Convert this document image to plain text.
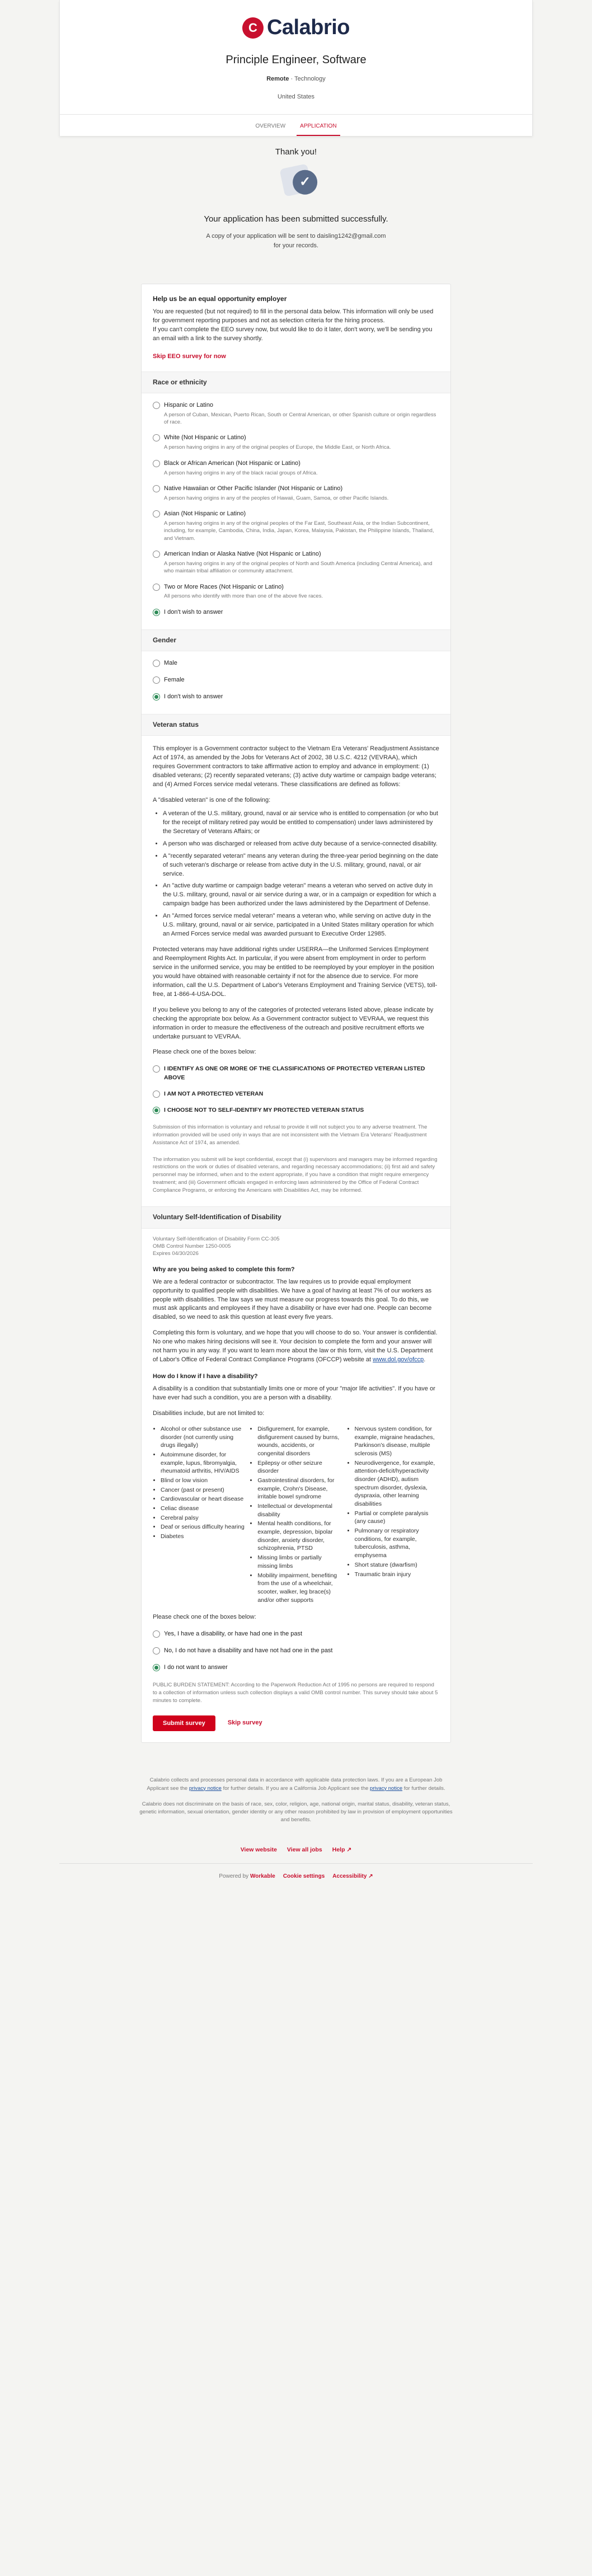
C Calabrio
Principle Engineer, Software
Remote · Technology
United States
OVERVIEW	APPLICATION
Thank you!
✓
Your application has been submitted successfully.
A copy of your application will be sent to daisling1242@gmail.com
for your records.
Help us be an equal opportunity employer
You are requested (but not required) to fill in the personal data below. This information will only be used for government reporting purposes and not as selection criteria for the hiring process.
If you can't complete the EEO survey now, but would like to do it later, don't worry, we'll be sending you an email with a link to the survey shortly.
Skip EEO survey for now
Race or ethnicity
Hispanic or Latino
A person of Cuban, Mexican, Puerto Rican, South or Central American, or other Spanish culture or origin regardless of race.
White (Not Hispanic or Latino)
A person having origins in any of the original peoples of Europe, the Middle East, or North Africa.
Black or African American (Not Hispanic or Latino)
A person having origins in any of the black racial groups of Africa.
Native Hawaiian or Other Pacific Islander (Not Hispanic or Latino)
A person having origins in any of the peoples of Hawaii, Guam, Samoa, or other Pacific Islands.
Asian (Not Hispanic or Latino)
A person having origins in any of the original peoples of the Far East, Southeast Asia, or the Indian Subcontinent, including, for example, Cambodia, China, India, Japan, Korea, Malaysia, Pakistan, the Philippine Islands, Thailand, and Vietnam.
American Indian or Alaska Native (Not Hispanic or Latino)
A person having origins in any of the original peoples of North and South America (including Central America), and who maintain tribal affiliation or community attachment.
Two or More Races (Not Hispanic or Latino)
All persons who identify with more than one of the above five races.
I don't wish to answer
Gender
Male
Female
I don't wish to answer
Veteran status
This employer is a Government contractor subject to the Vietnam Era Veterans' Readjustment Assistance Act of 1974, as amended by the Jobs for Veterans Act of 2002, 38 U.S.C. 4212 (VEVRAA), which requires Government contractors to take affirmative action to employ and advance in employment: (1) disabled veterans; (2) recently separated veterans; (3) active duty wartime or campaign badge veterans; and (4) Armed Forces service medal veterans. These classifications are defined as follows:
A "disabled veteran" is one of the following:
• A veteran of the U.S. military, ground, naval or air service who is entitled to compensation (or who but for the receipt of military retired pay would be entitled to compensation) under laws administered by the Secretary of Veterans Affairs; or
• A person who was discharged or released from active duty because of a service-connected disability.
• A "recently separated veteran" means any veteran during the three-year period beginning on the date of such veteran's discharge or release from active duty in the U.S. military, ground, naval, or air service.
• An "active duty wartime or campaign badge veteran" means a veteran who served on active duty in the U.S. military, ground, naval or air service during a war, or in a campaign or expedition for which a campaign badge has been authorized under the laws administered by the Department of Defense.
• An "Armed forces service medal veteran" means a veteran who, while serving on active duty in the U.S. military, ground, naval or air service, participated in a United States military operation for which an Armed Forces service medal was awarded pursuant to Executive Order 12985.
Protected veterans may have additional rights under USERRA—the Uniformed Services Employment and Reemployment Rights Act. In particular, if you were absent from employment in order to perform service in the uniformed service, you may be entitled to be reemployed by your employer in the position you would have obtained with reasonable certainty if not for the absence due to service. For more information, call the U.S. Department of Labor's Veterans Employment and Training Service (VETS), toll-free, at 1-866-4-USA-DOL.
If you believe you belong to any of the categories of protected veterans listed above, please indicate by checking the appropriate box below. As a Government contractor subject to VEVRAA, we request this information in order to measure the effectiveness of the outreach and positive recruitment efforts we undertake pursuant to VEVRAA.
Please check one of the boxes below:
I IDENTIFY AS ONE OR MORE OF THE CLASSIFICATIONS OF PROTECTED VETERAN LISTED ABOVE
I AM NOT A PROTECTED VETERAN
I CHOOSE NOT TO SELF-IDENTIFY MY PROTECTED VETERAN STATUS
Submission of this information is voluntary and refusal to provide it will not subject you to any adverse treatment. The information provided will be used only in ways that are not inconsistent with the Vietnam Era Veterans' Readjustment Assistance Act of 1974, as amended.
The information you submit will be kept confidential, except that (i) supervisors and managers may be informed regarding restrictions on the work or duties of disabled veterans, and regarding necessary accommodations; (ii) first aid and safety personnel may be informed, when and to the extent appropriate, if you have a condition that might require emergency treatment; and (iii) Government officials engaged in enforcing laws administered by the Office of Federal Contract Compliance Programs, or enforcing the Americans with Disabilities Act, may be informed.
Voluntary Self-Identification of Disability
Voluntary Self-Identification of Disability Form CC-305
OMB Control Number 1250-0005
Expires 04/30/2026
Why are you being asked to complete this form?
We are a federal contractor or subcontractor. The law requires us to provide equal employment opportunity to qualified people with disabilities. We have a goal of having at least 7% of our workers as people with disabilities. The law says we must measure our progress towards this goal. To do this, we must ask applicants and employees if they have a disability or have ever had one. People can become disabled, so we need to ask this question at least every five years.
Completing this form is voluntary, and we hope that you will choose to do so. Your answer is confidential. No one who makes hiring decisions will see it. Your decision to complete the form and your answer will not harm you in any way. If you want to learn more about the law or this form, visit the U.S. Department of Labor's Office of Federal Contract Compliance Programs (OFCCP) website at www.dol.gov/ofccp.
How do I know if I have a disability?
A disability is a condition that substantially limits one or more of your "major life activities". If you have or have ever had such a condition, you are a person with a disability.
Disabilities include, but are not limited to:
• Alcohol or other substance use disorder (not currently using drugs illegally)
• Autoimmune disorder, for example, lupus, fibromyalgia, rheumatoid arthritis, HIV/AIDS
• Blind or low vision
• Cancer (past or present)
• Cardiovascular or heart disease
• Celiac disease
• Cerebral palsy
• Deaf or serious difficulty hearing
• Diabetes
• Disfigurement, for example, disfigurement caused by burns, wounds, accidents, or congenital disorders
• Epilepsy or other seizure disorder
• Gastrointestinal disorders, for example, Crohn's Disease, irritable bowel syndrome
• Intellectual or developmental disability
• Mental health conditions, for example, depression, bipolar disorder, anxiety disorder, schizophrenia, PTSD
• Missing limbs or partially missing limbs
• Mobility impairment, benefiting from the use of a wheelchair, scooter, walker, leg brace(s) and/or other supports
• Nervous system condition, for example, migraine headaches, Parkinson's disease, multiple sclerosis (MS)
• Neurodivergence, for example, attention-deficit/hyperactivity disorder (ADHD), autism spectrum disorder, dyslexia, dyspraxia, other learning disabilities
• Partial or complete paralysis (any cause)
• Pulmonary or respiratory conditions, for example, tuberculosis, asthma, emphysema
• Short stature (dwarfism)
• Traumatic brain injury
Please check one of the boxes below:
Yes, I have a disability, or have had one in the past
No, I do not have a disability and have not had one in the past
I do not want to answer
PUBLIC BURDEN STATEMENT: According to the Paperwork Reduction Act of 1995 no persons are required to respond to a collection of information unless such collection displays a valid OMB control number. This survey should take about 5 minutes to complete.
Submit survey	Skip survey
Calabrio collects and processes personal data in accordance with applicable data protection laws. If you are a European Job Applicant see the privacy notice for further details. If you are a California Job Applicant see the privacy notice for further details.
Calabrio does not discriminate on the basis of race, sex, color, religion, age, national origin, marital status, disability, veteran status, genetic information, sexual orientation, gender identity or any other reason prohibited by law in provision of employment opportunities and benefits.
View website View all jobs Help ↗
Powered by Workable Cookie settings Accessibility ↗
